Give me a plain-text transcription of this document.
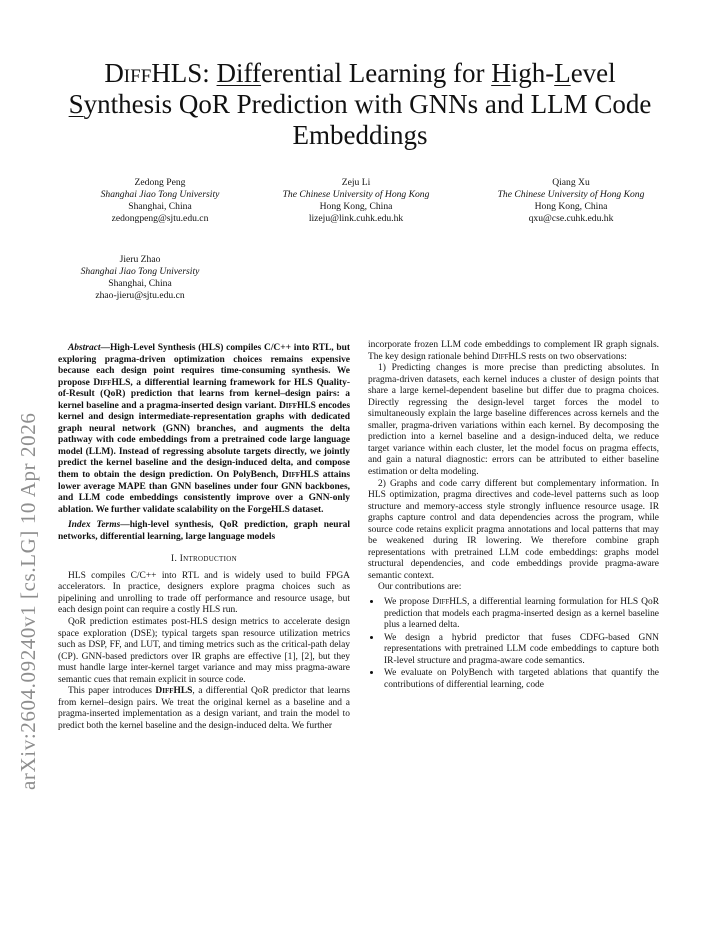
arXiv:2604.09240v1 [cs.LG] 10 Apr 2026
DiffHLS: Differential Learning for High-Level Synthesis QoR Prediction with GNNs and LLM Code Embeddings
Zedong Peng
Shanghai Jiao Tong University
Shanghai, China
zedongpeng@sjtu.edu.cn
Zeju Li
The Chinese University of Hong Kong
Hong Kong, China
lizeju@link.cuhk.edu.hk
Qiang Xu
The Chinese University of Hong Kong
Hong Kong, China
qxu@cse.cuhk.edu.hk
Jieru Zhao
Shanghai Jiao Tong University
Shanghai, China
zhao-jieru@sjtu.edu.cn

Abstract—High-Level Synthesis (HLS) compiles C/C++ into RTL, but exploring pragma-driven optimization choices remains expensive because each design point requires time-consuming synthesis. We propose DiffHLS, a differential learning framework for HLS Quality-of-Result (QoR) prediction that learns from kernel–design pairs: a kernel baseline and a pragma-inserted design variant. DiffHLS encodes kernel and design intermediate-representation graphs with dedicated graph neural network (GNN) branches, and augments the delta pathway with code embeddings from a pretrained code large language model (LLM). Instead of regressing absolute targets directly, we jointly predict the kernel baseline and the design-induced delta, and compose them to obtain the design prediction. On PolyBench, DiffHLS attains lower average MAPE than GNN baselines under four GNN backbones, and LLM code embeddings consistently improve over a GNN-only ablation. We further validate scalability on the ForgeHLS dataset.

Index Terms—high-level synthesis, QoR prediction, graph neural networks, differential learning, large language models

I. Introduction

HLS compiles C/C++ into RTL and is widely used to build FPGA accelerators. In practice, designers explore pragma choices such as pipelining and unrolling to trade off performance and resource usage, but each design point can require a costly HLS run.

QoR prediction estimates post-HLS design metrics to accelerate design space exploration (DSE); typical targets span resource utilization metrics such as DSP, FF, and LUT, and timing metrics such as the critical-path delay (CP). GNN-based predictors over IR graphs are effective [1], [2], but they must handle large inter-kernel target variance and may miss pragma-aware semantic cues that remain explicit in source code.

This paper introduces DiffHLS, a differential QoR predictor that learns from kernel–design pairs. We treat the original kernel as a baseline and a pragma-inserted implementation as a design variant, and train the model to predict both the kernel baseline and the design-induced delta. We further

incorporate frozen LLM code embeddings to complement IR graph signals. The key design rationale behind DiffHLS rests on two observations:

1) Predicting changes is more precise than predicting absolutes. In pragma-driven datasets, each kernel induces a cluster of design points that share a large kernel-dependent baseline but differ due to pragma choices. Directly regressing the design-level target forces the model to simultaneously explain the large baseline differences across kernels and the smaller, pragma-driven variations within each kernel. By decomposing the prediction into a kernel baseline and a design-induced delta, we reduce target variance within each cluster, let the model focus on pragma effects, and gain a natural diagnostic: errors can be attributed to either baseline estimation or delta modeling.

2) Graphs and code carry different but complementary information. In HLS optimization, pragma directives and code-level patterns such as loop structure and memory-access style strongly influence resource usage. IR graphs capture control and data dependencies across the program, while source code retains explicit pragma annotations and local patterns that may be weakened during IR lowering. We therefore combine graph representations with pretrained LLM code embeddings: graphs model structural dependencies, and code embeddings provide pragma-aware semantic context.

Our contributions are:

• We propose DiffHLS, a differential learning formulation for HLS QoR prediction that models each pragma-inserted design as a kernel baseline plus a learned delta.
• We design a hybrid predictor that fuses CDFG-based GNN representations with pretrained LLM code embeddings to capture both IR-level structure and pragma-aware code semantics.
• We evaluate on PolyBench with targeted ablations that quantify the contributions of differential learning, code
